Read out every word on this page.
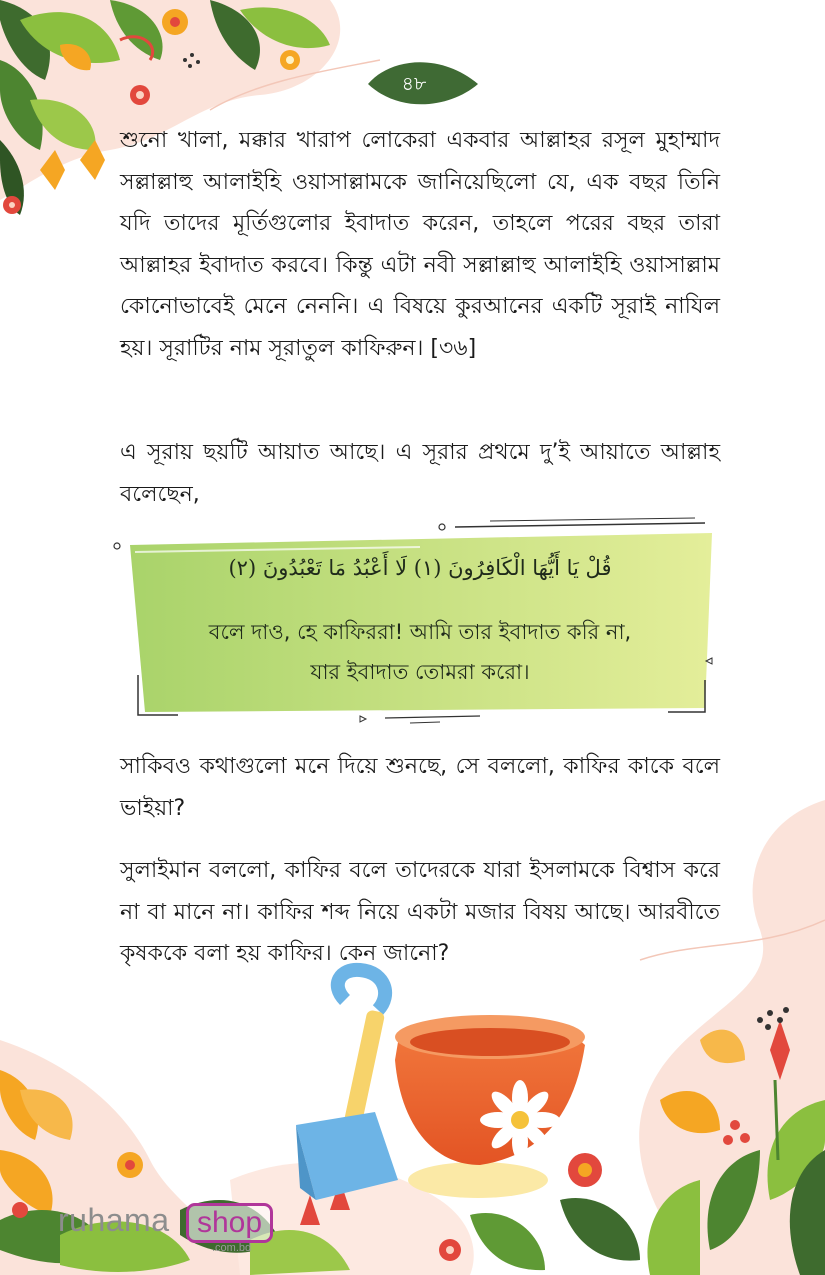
৪৮
শুনো খালা, মক্কার খারাপ লোকেরা একবার আল্লাহর রসূল মুহাম্মাদ সল্লাল্লাহু আলাইহি ওয়াসাল্লামকে জানিয়েছিলো যে, এক বছর তিনি যদি তাদের মূর্তিগুলোর ইবাদাত করেন, তাহলে পরের বছর তারা আল্লাহর ইবাদাত করবে। কিন্তু এটা নবী সল্লাল্লাহু আলাইহি ওয়াসাল্লাম কোনোভাবেই মেনে নেননি। এ বিষয়ে কুরআনের একটি সূরাই নাযিল হয়। সূরাটির নাম সূরাতুল কাফিরুন। [৩৬]
এ সূরায় ছয়টি আয়াত আছে। এ সূরার প্রথমে দু’ই আয়াতে আল্লাহ বলেছেন,
قُلْ يَا أَيُّهَا الْكَافِرُونَ (١) لَا أَعْبُدُ مَا تَعْبُدُونَ (٢)
বলে দাও, হে কাফিররা! আমি তার ইবাদাত করি না,
যার ইবাদাত তোমরা করো।
সাকিবও কথাগুলো মনে দিয়ে শুনছে, সে বললো, কাফির কাকে বলে ভাইয়া?
সুলাইমান বললো, কাফির বলে তাদেরকে যারা ইসলামকে বিশ্বাস করে না বা মানে না। কাফির শব্দ নিয়ে একটা মজার বিষয় আছে। আরবীতে কৃষককে বলা হয় কাফির। কেন জানো?
ruhama shop
.com.bd
